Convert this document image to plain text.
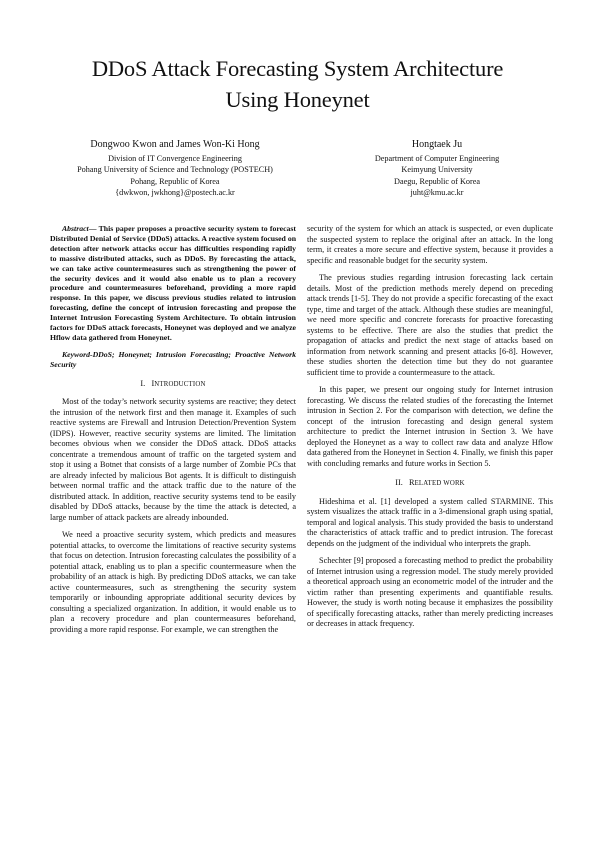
DDoS Attack Forecasting System Architecture
Using Honeynet
Dongwoo Kwon and James Won-Ki Hong
Division of IT Convergence Engineering
Pohang University of Science and Technology (POSTECH)
Pohang, Republic of Korea
{dwkwon, jwkhong}@postech.ac.kr
Hongtaek Ju
Department of Computer Engineering
Keimyung University
Daegu, Republic of Korea
juht@kmu.ac.kr

Abstract— This paper proposes a proactive security system to forecast Distributed Denial of Service (DDoS) attacks. A reactive system focused on detection after network attacks occur has difficulties responding rapidly to massive distributed attacks, such as DDoS. By forecasting the attack, we can take active countermeasures such as strengthening the power of the security devices and it would also enable us to plan a recovery procedure and countermeasures beforehand, providing a more rapid response. In this paper, we discuss previous studies related to intrusion forecasting, define the concept of intrusion forecasting and propose the Internet Intrusion Forecasting System Architecture. To obtain intrusion factors for DDoS attack forecasts, Honeynet was deployed and we analyze Hflow data gathered from Honeynet.

Keyword-DDoS; Honeynet; Intrusion Forecasting; Proactive Network Security

I. INTRODUCTION

Most of the today’s network security systems are reactive; they detect the intrusion of the network first and then manage it. Examples of such reactive systems are Firewall and Intrusion Detection/Prevention System (IDPS). However, reactive security systems are limited. The limitation becomes obvious when we consider the DDoS attack. DDoS attacks concentrate a tremendous amount of traffic on the targeted system and stop it using a Botnet that consists of a large number of Zombie PCs that are already infected by malicious Bot agents. It is difficult to distinguish between normal traffic and the attack traffic due to the nature of the distributed attack. In addition, reactive security systems tend to be easily disabled by DDoS attacks, because by the time the attack is detected, a large number of attack packets are already inbounded.

We need a proactive security system, which predicts and measures potential attacks, to overcome the limitations of reactive security systems that focus on detection. Intrusion forecasting calculates the possibility of a potential attack, enabling us to plan a specific countermeasure when the probability of an attack is high. By predicting DDoS attacks, we can take active countermeasures, such as strengthening the security system temporarily or inbounding appropriate additional security devices by consulting a specialized organization. In addition, it would enable us to plan a recovery procedure and plan countermeasures beforehand, providing a more rapid response. For example, we can strengthen the

security of the system for which an attack is suspected, or even duplicate the suspected system to replace the original after an attack. In the long term, it creates a more secure and effective system, because it provides a specific and reasonable budget for the security system.

The previous studies regarding intrusion forecasting lack certain details. Most of the prediction methods merely depend on preceding attack trends [1-5]. They do not provide a specific forecasting of the exact type, time and target of the attack. Although these studies are meaningful, we need more specific and concrete forecasts for proactive forecasting systems to be effective. There are also the studies that predict the propagation of attacks and predict the next stage of attacks based on information from network scanning and present attacks [6-8]. However, these studies shorten the detection time but they do not guarantee sufficient time to provide a countermeasure to the attack.

In this paper, we present our ongoing study for Internet intrusion forecasting. We discuss the related studies of the forecasting the Internet intrusion in Section 2. For the comparison with detection, we define the concept of the intrusion forecasting and design general system architecture to predict the Internet intrusion in Section 3. We have deployed the Honeynet as a way to collect raw data and analyze Hflow data gathered from the Honeynet in Section 4. Finally, we finish this paper with concluding remarks and future works in Section 5.

II. RELATED WORK

Hideshima et al. [1] developed a system called STARMINE. This system visualizes the attack traffic in a 3-dimensional graph using spatial, temporal and logical analysis. This study provided the basis to understand the characteristics of attack traffic and to predict intrusion. The forecast depends on the judgment of the individual who interprets the graph.

Schechter [9] proposed a forecasting method to predict the probability of Internet intrusion using a regression model. The study merely provided a theoretical approach using an econometric model of the intruder and the victim rather than presenting experiments and quantifiable results. However, the study is worth noting because it emphasizes the possibility of specifically forecasting attacks, rather than merely predicting increases or decreases in attack frequency.
